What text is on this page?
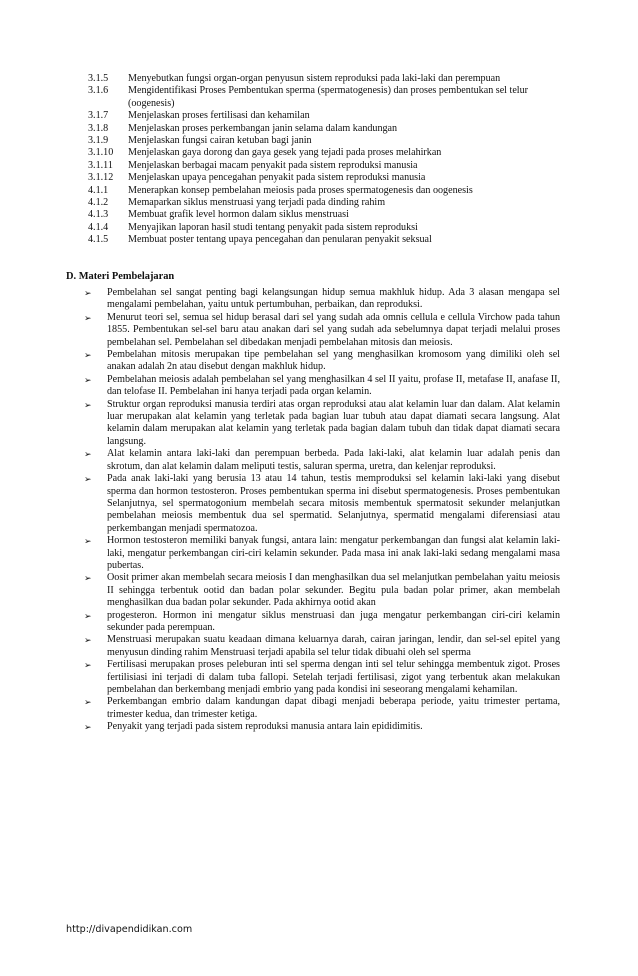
3.1.5	Menyebutkan fungsi organ-organ penyusun sistem reproduksi pada laki-laki dan perempuan
3.1.6	Mengidentifikasi Proses Pembentukan sperma (spermatogenesis) dan proses pembentukan sel telur (oogenesis)
3.1.7	Menjelaskan proses fertilisasi dan kehamilan
3.1.8	Menjelaskan proses perkembangan janin selama dalam kandungan
3.1.9	Menjelaskan fungsi cairan ketuban bagi janin
3.1.10	Menjelaskan gaya dorong dan gaya gesek yang tejadi pada proses melahirkan
3.1.11	Menjelaskan berbagai macam penyakit pada sistem reproduksi manusia
3.1.12	Menjelaskan upaya pencegahan penyakit pada sistem reproduksi manusia
4.1.1	Menerapkan konsep pembelahan meiosis pada proses spermatogenesis dan oogenesis
4.1.2	Memaparkan siklus menstruasi yang terjadi pada dinding rahim
4.1.3	Membuat grafik level hormon dalam siklus menstruasi
4.1.4	Menyajikan laporan hasil studi tentang penyakit pada sistem reproduksi
4.1.5	Membuat poster tentang upaya pencegahan dan penularan penyakit seksual
D. Materi Pembelajaran
➢	Pembelahan sel sangat penting bagi kelangsungan hidup semua makhluk hidup. Ada 3 alasan mengapa sel mengalami pembelahan, yaitu untuk pertumbuhan, perbaikan, dan reproduksi.
➢	Menurut teori sel, semua sel hidup berasal dari sel yang sudah ada omnis cellula e cellula Virchow pada tahun 1855. Pembentukan sel-sel baru atau anakan dari sel yang sudah ada sebelumnya dapat terjadi melalui proses pembelahan sel. Pembelahan sel dibedakan menjadi pembelahan mitosis dan meiosis.
➢	Pembelahan mitosis merupakan tipe pembelahan sel yang menghasilkan kromosom yang dimiliki oleh sel anakan adalah 2n atau disebut dengan makhluk hidup.
➢	Pembelahan meiosis adalah pembelahan sel yang menghasilkan 4 sel II yaitu, profase II, metafase II, anafase II, dan telofase II. Pembelahan ini hanya terjadi pada organ kelamin.
➢	Struktur organ reproduksi manusia terdiri atas organ reproduksi atau alat kelamin luar dan dalam. Alat kelamin luar merupakan alat kelamin yang terletak pada bagian luar tubuh atau dapat diamati secara langsung. Alat kelamin dalam merupakan alat kelamin yang terletak pada bagian dalam tubuh dan tidak dapat diamati secara langsung.
➢	Alat kelamin antara laki-laki dan perempuan berbeda. Pada laki-laki, alat kelamin luar adalah penis dan skrotum, dan alat kelamin dalam meliputi testis, saluran sperma, uretra, dan kelenjar reproduksi.
➢	Pada anak laki-laki yang berusia 13 atau 14 tahun, testis memproduksi sel kelamin laki-laki yang disebut sperma dan hormon testosteron. Proses pembentukan sperma ini disebut spermatogenesis. Proses pembentukan Selanjutnya, sel spermatogonium membelah secara mitosis membentuk spermatosit sekunder melanjutkan pembelahan meiosis membentuk dua sel spermatid. Selanjutnya, spermatid mengalami diferensiasi atau perkembangan menjadi spermatozoa.
➢	Hormon testosteron memiliki banyak fungsi, antara lain: mengatur perkembangan dan fungsi alat kelamin laki-laki, mengatur perkembangan ciri-ciri kelamin sekunder. Pada masa ini anak laki-laki sedang mengalami masa pubertas.
➢	Oosit primer akan membelah secara meiosis I dan menghasilkan dua sel melanjutkan pembelahan yaitu meiosis II sehingga terbentuk ootid dan badan polar sekunder. Begitu pula badan polar primer, akan membelah menghasilkan dua badan polar sekunder. Pada akhirnya ootid akan
➢	progesteron. Hormon ini mengatur siklus menstruasi dan juga mengatur perkembangan ciri-ciri kelamin sekunder pada perempuan.
➢	Menstruasi merupakan suatu keadaan dimana keluarnya darah, cairan jaringan, lendir, dan sel-sel epitel yang menyusun dinding rahim Menstruasi terjadi apabila sel telur tidak dibuahi oleh sel sperma
➢	Fertilisasi merupakan proses peleburan inti sel sperma dengan inti sel telur sehingga membentuk zigot. Proses fertilisiasi ini terjadi di dalam tuba fallopi. Setelah terjadi fertilisasi, zigot yang terbentuk akan melakukan pembelahan dan berkembang menjadi embrio yang pada kondisi ini seseorang mengalami kehamilan.
➢	Perkembangan embrio dalam kandungan dapat dibagi menjadi beberapa periode, yaitu trimester pertama, trimester kedua, dan trimester ketiga.
➢	Penyakit yang terjadi pada sistem reproduksi manusia antara lain epididimitis.
http://divapendidikan.com
